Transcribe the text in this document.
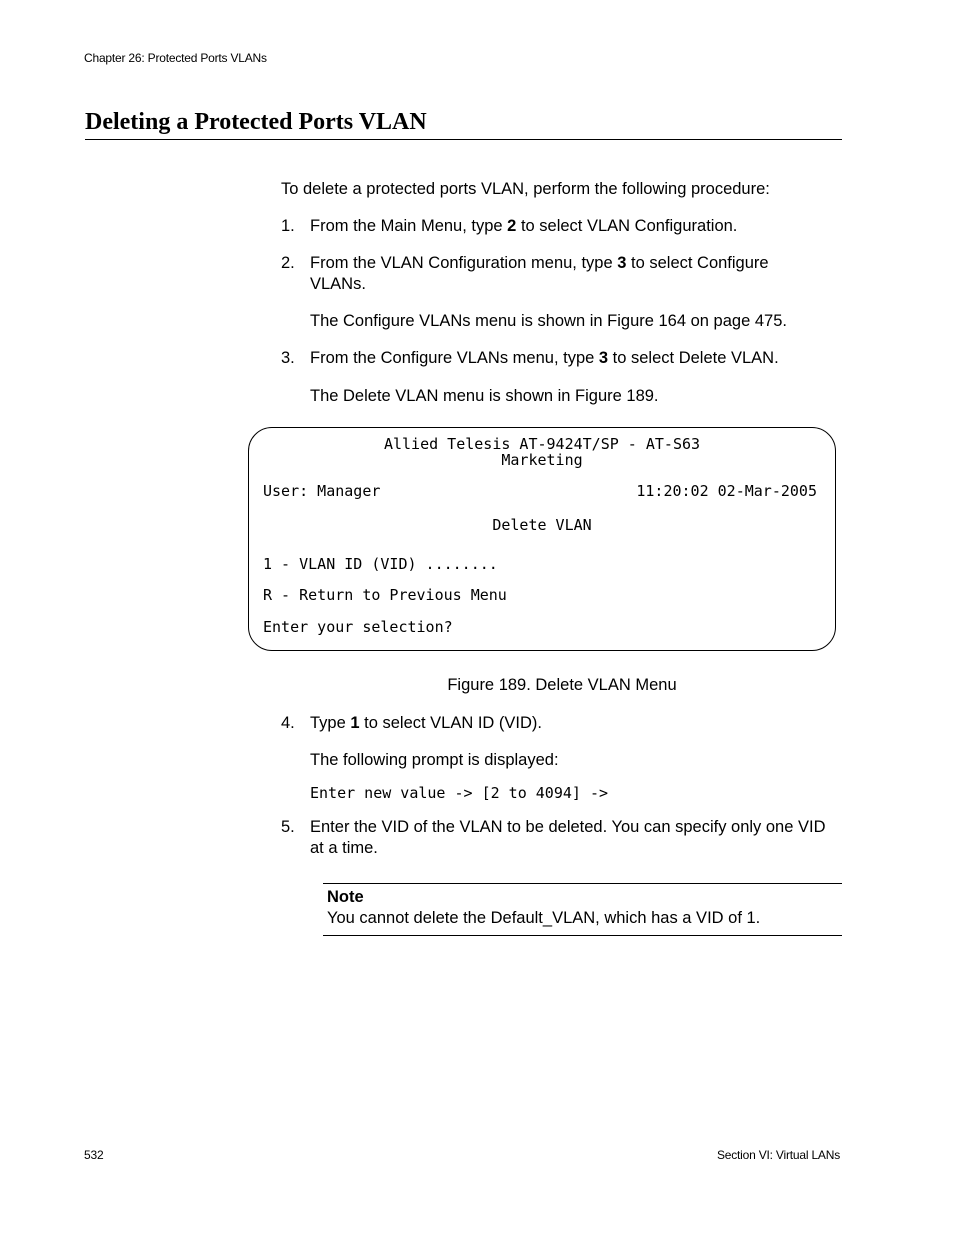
Chapter 26: Protected Ports VLANs
Deleting a Protected Ports VLAN
To delete a protected ports VLAN, perform the following procedure:
1. From the Main Menu, type 2 to select VLAN Configuration.
2. From the VLAN Configuration menu, type 3 to select Configure
VLANs.
The Configure VLANs menu is shown in Figure 164 on page 475.
3. From the Configure VLANs menu, type 3 to select Delete VLAN.
The Delete VLAN menu is shown in Figure 189.
Allied Telesis AT-9424T/SP - AT-S63
Marketing
User: Manager	11:20:02 02-Mar-2005
Delete VLAN
1 - VLAN ID (VID) ........
R - Return to Previous Menu
Enter your selection?
Figure 189. Delete VLAN Menu
4. Type 1 to select VLAN ID (VID).
The following prompt is displayed:
Enter new value -> [2 to 4094] ->
5. Enter the VID of the VLAN to be deleted. You can specify only one VID
at a time.
Note
You cannot delete the Default_VLAN, which has a VID of 1.
532	Section VI: Virtual LANs
